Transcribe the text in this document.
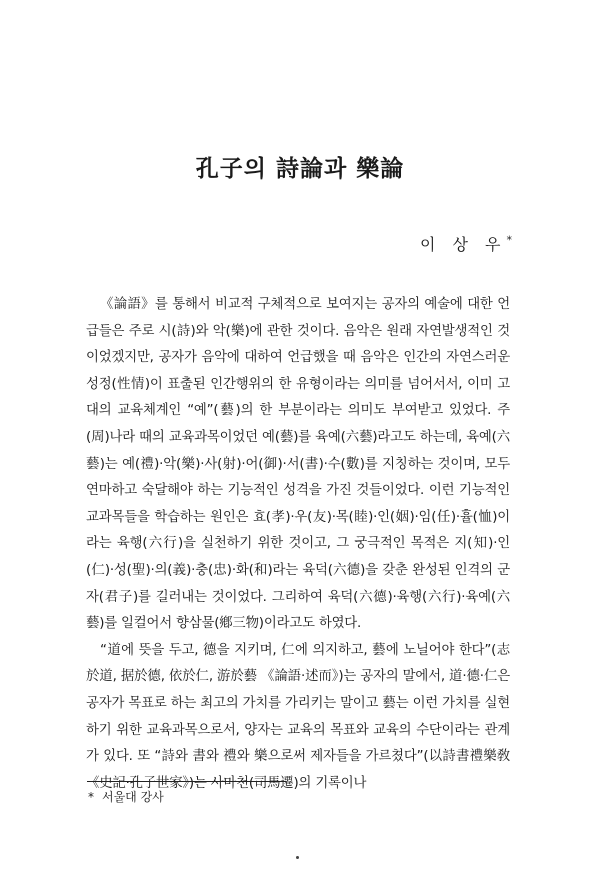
孔子의 詩論과 樂論
이 상 우*

《論語》를 통해서 비교적 구체적으로 보여지는 공자의 예술에 대한 언급들은 주로 시(詩)와 악(樂)에 관한 것이다. 음악은 원래 자연발생적인 것이었겠지만, 공자가 음악에 대하여 언급했을 때 음악은 인간의 자연스러운 성정(性情)이 표출된 인간행위의 한 유형이라는 의미를 넘어서서, 이미 고대의 교육체계인 “예”(藝)의 한 부분이라는 의미도 부여받고 있었다. 주(周)나라 때의 교육과목이었던 예(藝)를 육예(六藝)라고도 하는데, 육예(六藝)는 예(禮)·악(樂)·사(射)·어(御)·서(書)·수(數)를 지칭하는 것이며, 모두 연마하고 숙달해야 하는 기능적인 성격을 가진 것들이었다. 이런 기능적인 교과목들을 학습하는 원인은 효(孝)·우(友)·목(睦)·인(姻)·임(任)·휼(恤)이라는 육행(六行)을 실천하기 위한 것이고, 그 궁극적인 목적은 지(知)·인(仁)·성(聖)·의(義)·충(忠)·화(和)라는 육덕(六德)을 갖춘 완성된 인격의 군자(君子)를 길러내는 것이었다. 그리하여 육덕(六德)·육행(六行)·육예(六藝)를 일컬어서 향삼물(鄕三物)이라고도 하였다.

“道에 뜻을 두고, 德을 지키며, 仁에 의지하고, 藝에 노닐어야 한다”(志於道, 据於德, 依於仁, 游於藝 《論語·述而》)는 공자의 말에서, 道·德·仁은 공자가 목표로 하는 최고의 가치를 가리키는 말이고 藝는 이런 가치를 실현하기 위한 교육과목으로서, 양자는 교육의 목표와 교육의 수단이라는 관계가 있다. 또 “詩와 書와 禮와 樂으로써 제자들을 가르쳤다”(以詩書禮樂敎 《史記·孔子世家》)는 사마천(司馬遷)의 기록이나

* 서울대 강사
